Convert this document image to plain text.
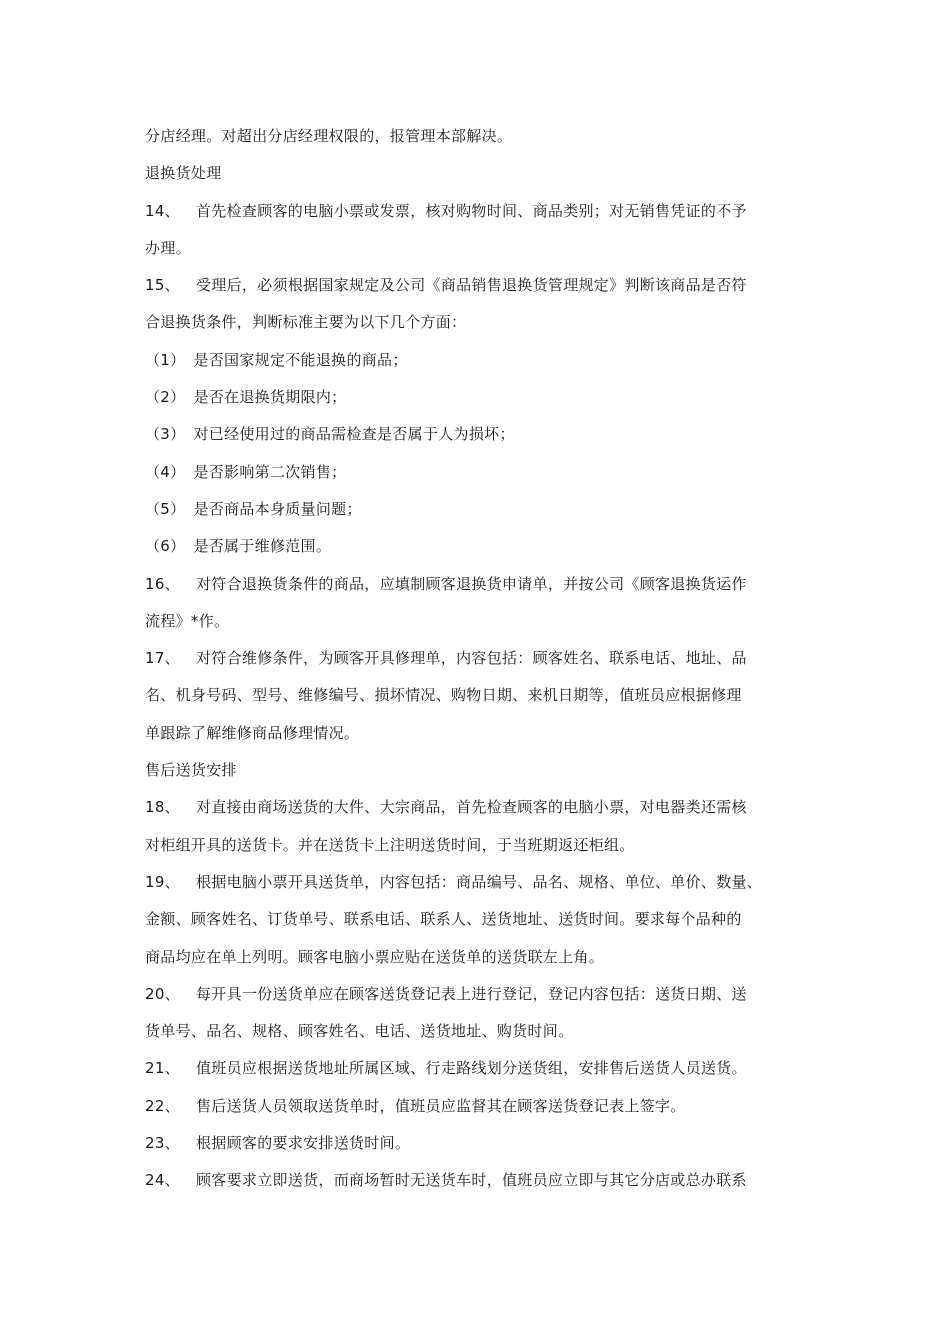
分店经理。对超出分店经理权限的，报管理本部解决。
退换货处理
14、 首先检查顾客的电脑小票或发票，核对购物时间、商品类别；对无销售凭证的不予
办理。
15、 受理后，必须根据国家规定及公司《商品销售退换货管理规定》判断该商品是否符
合退换货条件，判断标准主要为以下几个方面：
（1） 是否国家规定不能退换的商品；
（2） 是否在退换货期限内；
（3） 对已经使用过的商品需检查是否属于人为损坏；
（4） 是否影响第二次销售；
（5） 是否商品本身质量问题；
（6） 是否属于维修范围。
16、 对符合退换货条件的商品，应填制顾客退换货申请单，并按公司《顾客退换货运作
流程》*作。
17、 对符合维修条件，为顾客开具修理单，内容包括：顾客姓名、联系电话、地址、品
名、机身号码、型号、维修编号、损坏情况、购物日期、来机日期等，值班员应根据修理
单跟踪了解维修商品修理情况。
售后送货安排
18、 对直接由商场送货的大件、大宗商品，首先检查顾客的电脑小票，对电器类还需核
对柜组开具的送货卡。并在送货卡上注明送货时间，于当班期返还柜组。
19、 根据电脑小票开具送货单，内容包括：商品编号、品名、规格、单位、单价、数量、
金额、顾客姓名、订货单号、联系电话、联系人、送货地址、送货时间。要求每个品种的
商品均应在单上列明。顾客电脑小票应贴在送货单的送货联左上角。
20、 每开具一份送货单应在顾客送货登记表上进行登记，登记内容包括：送货日期、送
货单号、品名、规格、顾客姓名、电话、送货地址、购货时间。
21、 值班员应根据送货地址所属区域、行走路线划分送货组，安排售后送货人员送货。
22、 售后送货人员领取送货单时，值班员应监督其在顾客送货登记表上签字。
23、 根据顾客的要求安排送货时间。
24、 顾客要求立即送货，而商场暂时无送货车时，值班员应立即与其它分店或总办联系
